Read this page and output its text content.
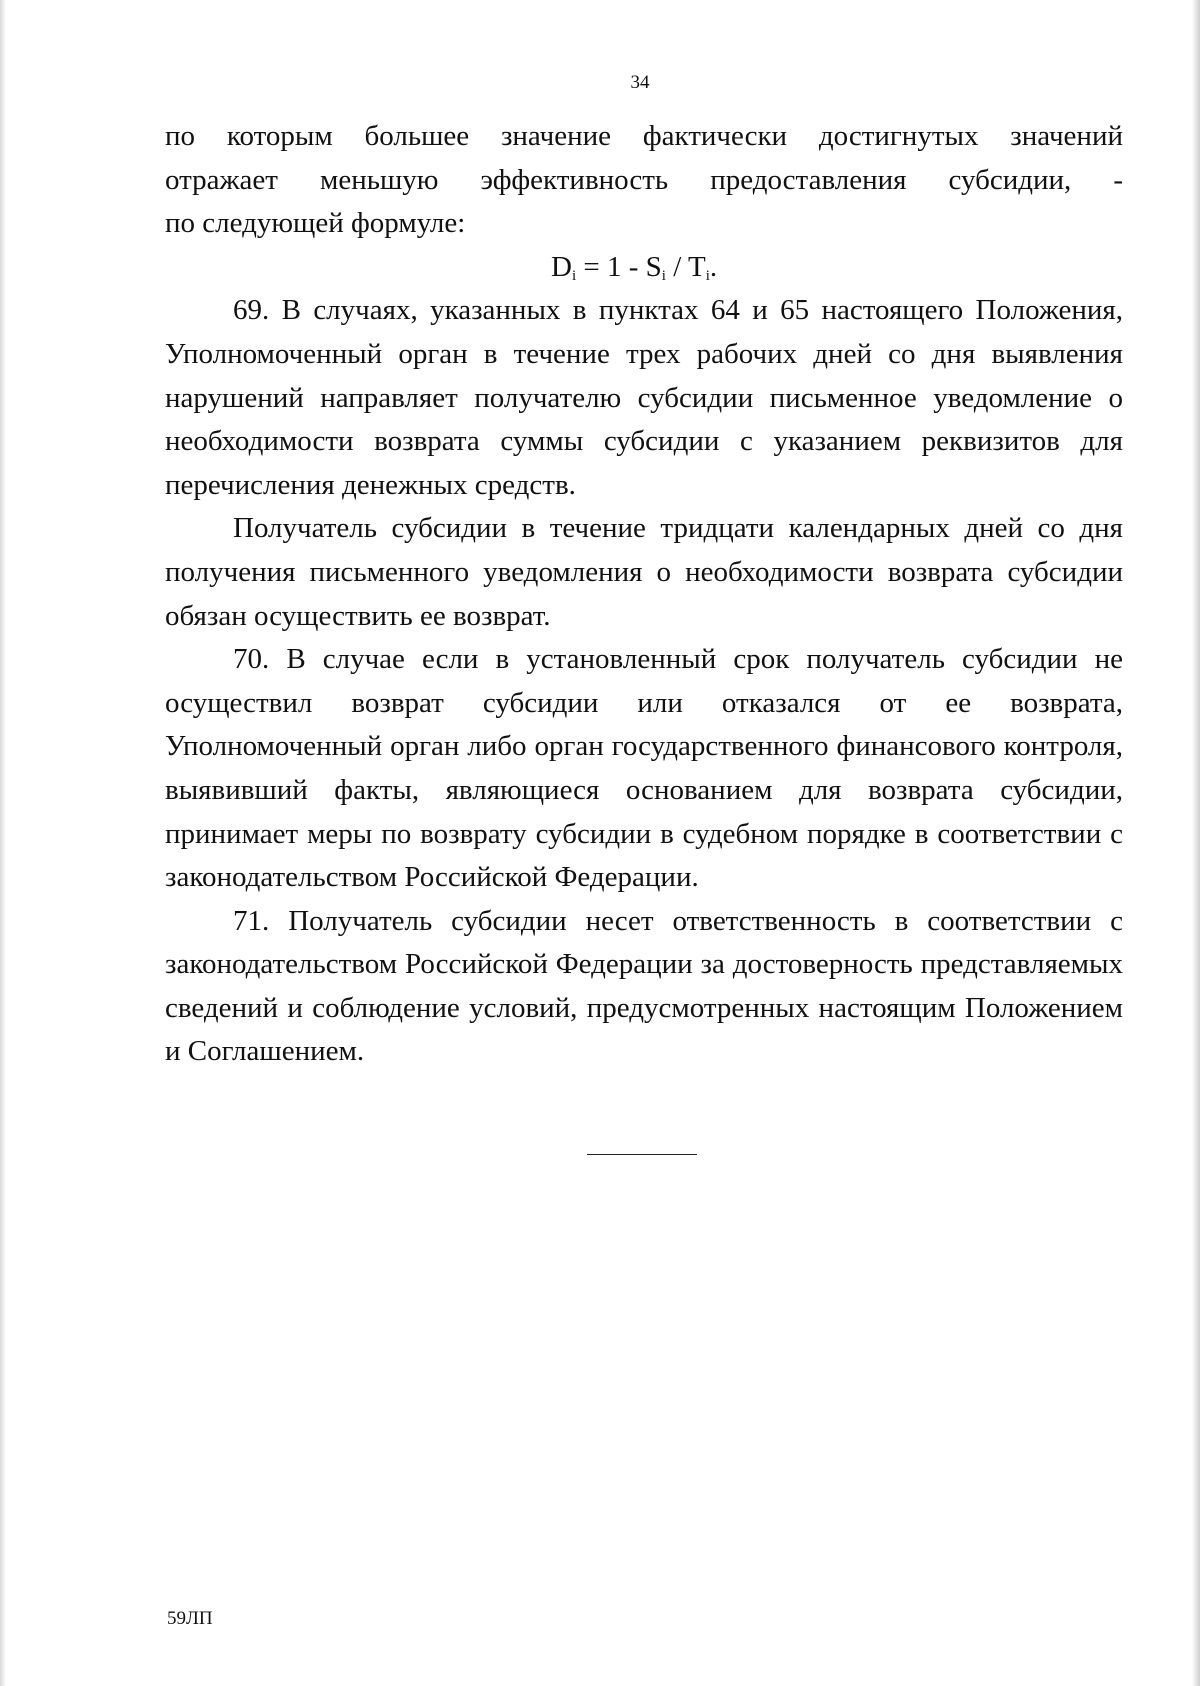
34

по которым большее значение фактически достигнутых значений

отражает меньшую эффективность предоставления субсидии, -

по следующей формуле:

$D_i = 1 - S_i / T_i$.

69. В случаях, указанных в пунктах 64 и 65 настоящего Положения, Уполномоченный орган в течение трех рабочих дней со дня выявления нарушений направляет получателю субсидии письменное уведомление о необходимости возврата суммы субсидии с указанием реквизитов для перечисления денежных средств.

Получатель субсидии в течение тридцати календарных дней со дня получения письменного уведомления о необходимости возврата субсидии обязан осуществить ее возврат.

70. В случае если в установленный срок получатель субсидии не осуществил возврат субсидии или отказался от ее возврата, Уполномоченный орган либо орган государственного финансового контроля, выявивший факты, являющиеся основанием для возврата субсидии, принимает меры по возврату субсидии в судебном порядке в соответствии с законодательством Российской Федерации.

71. Получатель субсидии несет ответственность в соответствии с законодательством Российской Федерации за достоверность представляемых сведений и соблюдение условий, предусмотренных настоящим Положением и Соглашением.

59ЛП
